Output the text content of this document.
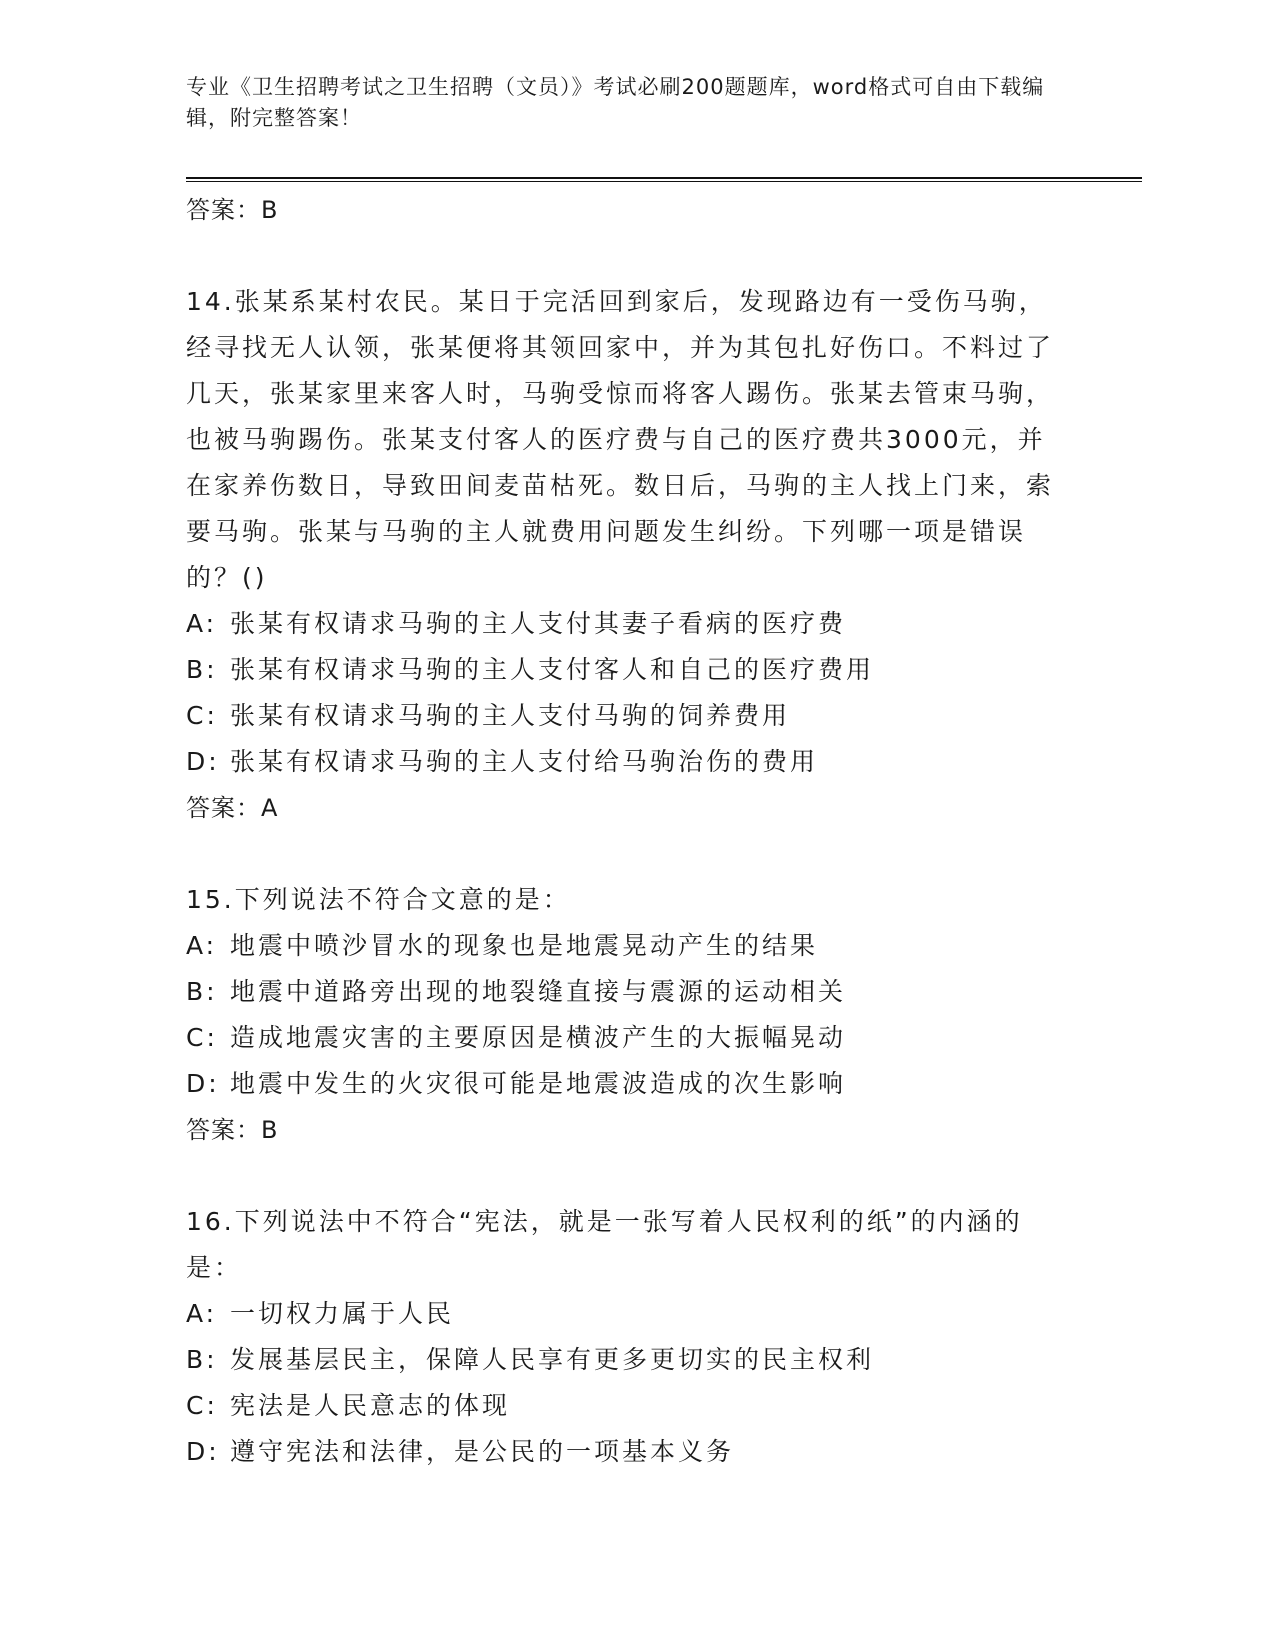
专业《卫生招聘考试之卫生招聘（文员）》考试必刷200题题库，word格式可自由下载编辑，附完整答案！
答案：B

14.张某系某村农民。某日于完活回到家后，发现路边有一受伤马驹，经寻找无人认领，张某便将其领回家中，并为其包扎好伤口。不料过了几天，张某家里来客人时，马驹受惊而将客人踢伤。张某去管束马驹，也被马驹踢伤。张某支付客人的医疗费与自己的医疗费共3000元，并在家养伤数日，导致田间麦苗枯死。数日后，马驹的主人找上门来，索要马驹。张某与马驹的主人就费用问题发生纠纷。下列哪一项是错误的？()

A: 张某有权请求马驹的主人支付其妻子看病的医疗费
B: 张某有权请求马驹的主人支付客人和自己的医疗费用
C: 张某有权请求马驹的主人支付马驹的饲养费用
D: 张某有权请求马驹的主人支付给马驹治伤的费用
答案：A

15.下列说法不符合文意的是：

A: 地震中喷沙冒水的现象也是地震晃动产生的结果
B: 地震中道路旁出现的地裂缝直接与震源的运动相关
C: 造成地震灾害的主要原因是横波产生的大振幅晃动
D: 地震中发生的火灾很可能是地震波造成的次生影响
答案：B

16.下列说法中不符合“宪法，就是一张写着人民权利的纸”的内涵的是：

A: 一切权力属于人民
B: 发展基层民主，保障人民享有更多更切实的民主权利
C: 宪法是人民意志的体现
D: 遵守宪法和法律，是公民的一项基本义务
